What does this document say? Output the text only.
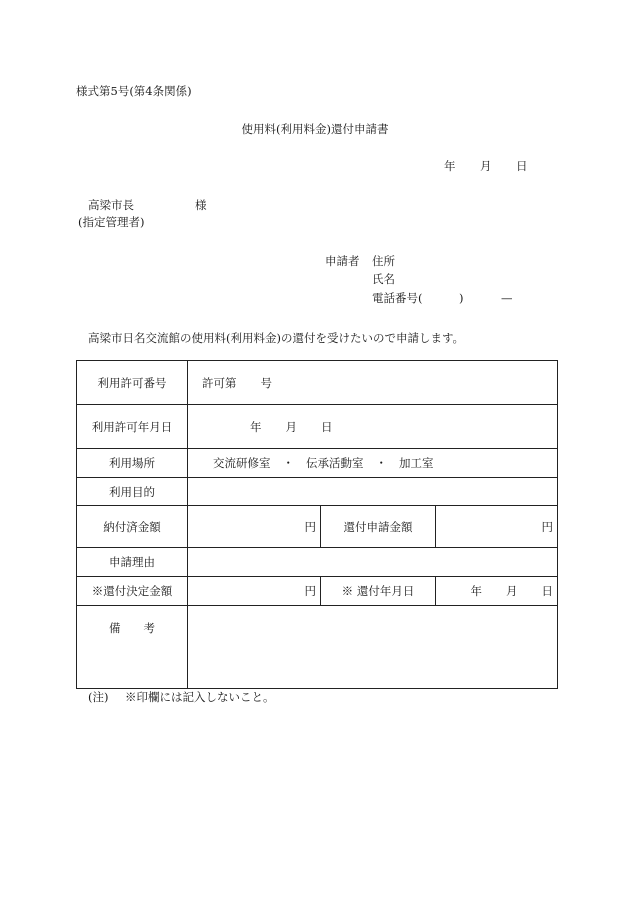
様式第5号(第4条関係)
使用料(利用料金)還付申請書
年 月 日
高梁市長	様
(指定管理者)
申請者 住所
氏名
電話番号(	)	—
高梁市日名交流館の使用料(利用料金)の還付を受けたいので申請します。
利用許可番号	許可第 号		
利用許可年月日	年 月 日		
利用場所	交流研修室 ・ 伝承活動室 ・ 加工室		
利用目的			
納付済金額	円	還付申請金額	円
申請理由			
※還付決定金額	円	※ 還付年月日	年 月 日
備　　考			
(注) ※印欄には記入しないこと。
